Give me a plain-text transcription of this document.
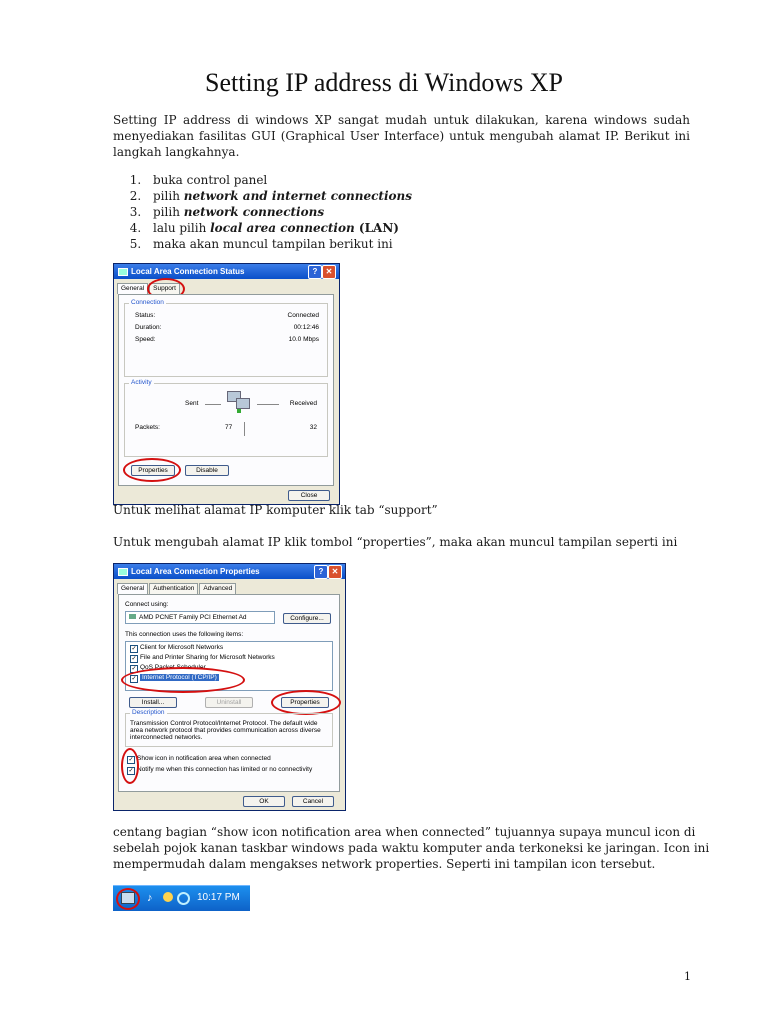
Setting IP address di Windows XP
Setting IP address di windows XP sangat mudah untuk dilakukan, karena windows sudah menyediakan fasilitas GUI (Graphical User Interface) untuk mengubah alamat IP. Berikut ini langkah langkahnya.
1. buka control panel
2. pilih network and internet connections
3. pilih network connections
4. lalu pilih local area connection (LAN)
5. maka akan muncul tampilan berikut ini
Local Area Connection Status	?	✕
General	Support
Connection
Status:	Connected
Duration:	00:12:46
Speed:	10.0 Mbps
Activity
Sent	Received
Packets:	77	32
Properties	Disable
Close
Untuk melihat alamat IP komputer klik tab “support”
Untuk mengubah alamat IP klik tombol “properties”, maka akan muncul tampilan seperti ini
Local Area Connection Properties	?	✕
General	Authentication	Advanced
Connect using:
AMD PCNET Family PCI Ethernet Ad	Configure...
This connection uses the following items:
✓ Client for Microsoft Networks
✓ File and Printer Sharing for Microsoft Networks
✓ QoS Packet Scheduler
✓ Internet Protocol (TCP/IP)
Install...	Uninstall	Properties
Description
Transmission Control Protocol/Internet Protocol. The default wide area network protocol that provides communication across diverse interconnected networks.
✓ Show icon in notification area when connected
✓ Notify me when this connection has limited or no connectivity
OK	Cancel
centang bagian “show icon notification area when connected” tujuannya supaya muncul icon di sebelah pojok kanan taskbar windows pada waktu komputer anda terkoneksi ke jaringan. Icon ini mempermudah dalam mengakses network properties. Seperti ini tampilan icon tersebut.
♪	10:17 PM
1
